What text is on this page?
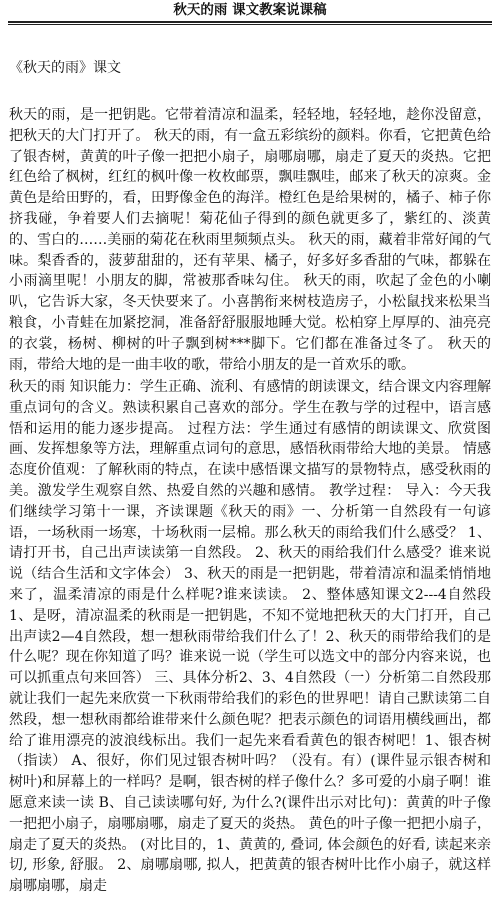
秋天的雨 课文教案说课稿
《秋天的雨》课文

秋天的雨，是一把钥匙。它带着清凉和温柔，轻轻地，轻轻地，趁你没留意，把秋天的大门打开了。 秋天的雨，有一盒五彩缤纷的颜料。你看，它把黄色给了银杏树，黄黄的叶子像一把把小扇子，扇哪扇哪，扇走了夏天的炎热。它把红色给了枫树，红红的枫叶像一枚枚邮票，飘哇飘哇，邮来了秋天的凉爽。金黄色是给田野的，看，田野像金色的海洋。橙红色是给果树的，橘子、柿子你挤我碰，争着要人们去摘呢！菊花仙子得到的颜色就更多了，紫红的、淡黄的、雪白的……美丽的菊花在秋雨里频频点头。 秋天的雨，藏着非常好闻的气味。梨香香的，菠萝甜甜的，还有苹果、橘子，好多好多香甜的气味，都躲在小雨滴里呢！小朋友的脚，常被那香味勾住。 秋天的雨，吹起了金色的小喇叭，它告诉大家，冬天快要来了。小喜鹊衔来树枝造房子，小松鼠找来松果当粮食，小青蛙在加紧挖洞，准备舒舒服服地睡大觉。松柏穿上厚厚的、油亮亮的衣裳，杨树、柳树的叶子飘到树***脚下。它们都在准备过冬了。 秋天的雨，带给大地的是一曲丰收的歌，带给小朋友的是一首欢乐的歌。

秋天的雨 知识能力：学生正确、流利、有感情的朗读课文，结合课文内容理解重点词句的含义。熟读积累自己喜欢的部分。学生在教与学的过程中，语言感悟和运用的能力逐步提高。 过程方法：学生通过有感情的朗读课文、欣赏图画、发挥想象等方法，理解重点词句的意思，感悟秋雨带给大地的美景。 情感态度价值观：了解秋雨的特点，在读中感悟课文描写的景物特点，感受秋雨的美。激发学生观察自然、热爱自然的兴趣和感情。 教学过程： 导入：今天我们继续学习第十一课，齐读课题《秋天的雨》一、分析第一自然段有一句谚语，一场秋雨一场寒，十场秋雨一层棉。那么秋天的雨给我们什么感受？ 1、请打开书，自己出声读读第一自然段。 2、秋天的雨给我们什么感受？谁来说说（结合生活和文字体会） 3、秋天的雨是一把钥匙，带着清凉和温柔悄悄地来了，温柔清凉的雨是什么样呢?谁来读读。 2、整体感知课文2---4自然段 1、是呀，清凉温柔的秋雨是一把钥匙，不知不觉地把秋天的大门打开，自己出声读2—4自然段，想一想秋雨带给我们什么了！2、秋天的雨带给我们的是什么呢？现在你知道了吗？谁来说一说（学生可以选文中的部分内容来说，也可以抓重点句来回答） 三、具体分析2、3、4自然段（一）分析第二自然段那就让我们一起先来欣赏一下秋雨带给我们的彩色的世界吧！请自己默读第二自然段，想一想秋雨都给谁带来什么颜色呢？把表示颜色的词语用横线画出，都给了谁用漂亮的波浪线标出。我们一起先来看看黄色的银杏树吧！1、银杏树（指读） A、很好，你们见过银杏树叶吗？（没有。有）(课件显示银杏树和树叶)和屏幕上的一样吗？是啊，银杏树的样子像什么？多可爱的小扇子啊！谁愿意来读一读 B、自己读读哪句好, 为什么?(课件出示对比句)：黄黄的叶子像一把把小扇子，扇哪扇哪，扇走了夏天的炎热。 黄色的叶子像一把把小扇子，扇走了夏天的炎热。 (对比目的，1、黄黄的, 叠词, 体会颜色的好看, 读起来亲切, 形象, 舒服。 2、扇哪扇哪, 拟人，把黄黄的银杏树叶比作小扇子，就这样扇哪扇哪，扇走
